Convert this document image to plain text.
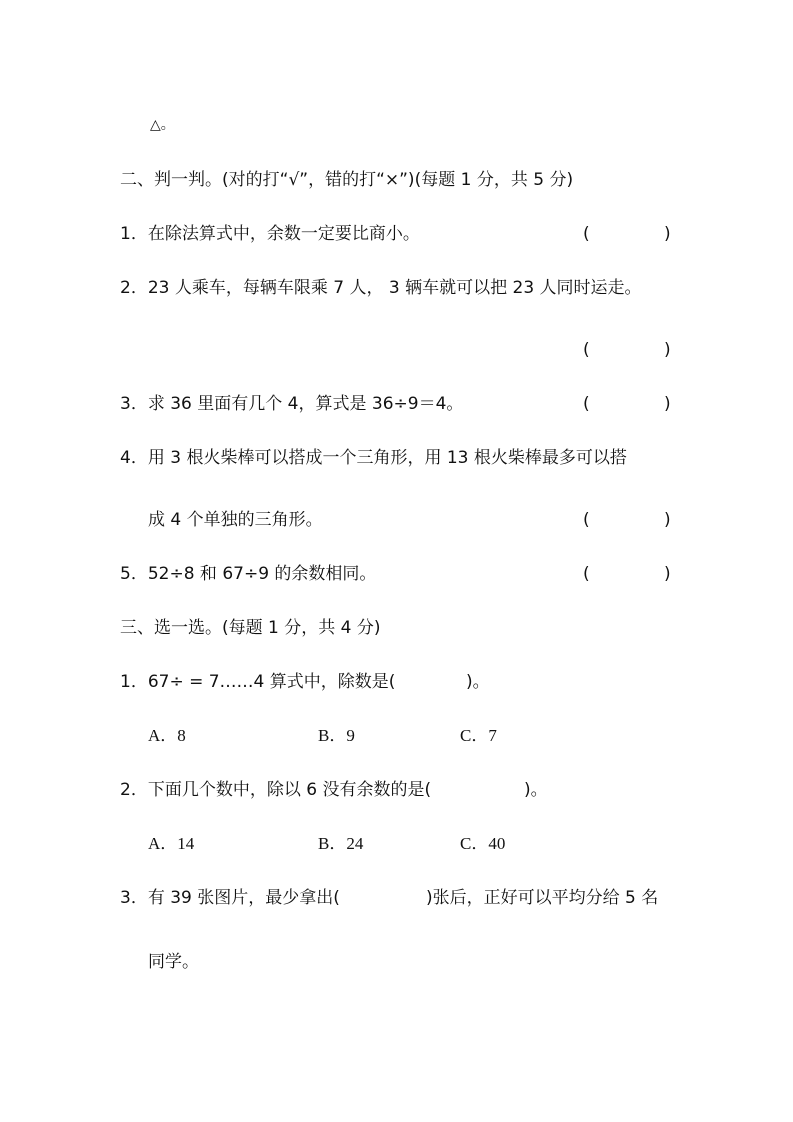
△。
二、判一判。(对的打“√”，错的打“×”)(每题 1 分，共 5 分)
1．在除法算式中，余数一定要比商小。	(	)
2．23 人乘车，每辆车限乘 7 人， 3 辆车就可以把 23 人同时运走。
(	)
3．求 36 里面有几个 4，算式是 36÷9＝4。	(	)
4．用 3 根火柴棒可以搭成一个三角形，用 13 根火柴棒最多可以搭
成 4 个单独的三角形。	(	)
5．52÷8 和 67÷9 的余数相同。	(	)
三、选一选。(每题 1 分，共 4 分)
1．67÷ = 7……4 算式中，除数是(	)。
A．8	B．9	C．7
2．下面几个数中，除以 6 没有余数的是(	)。
A．14	B．24	C．40
3．有 39 张图片，最少拿出(	)张后，正好可以平均分给 5 名
同学。
